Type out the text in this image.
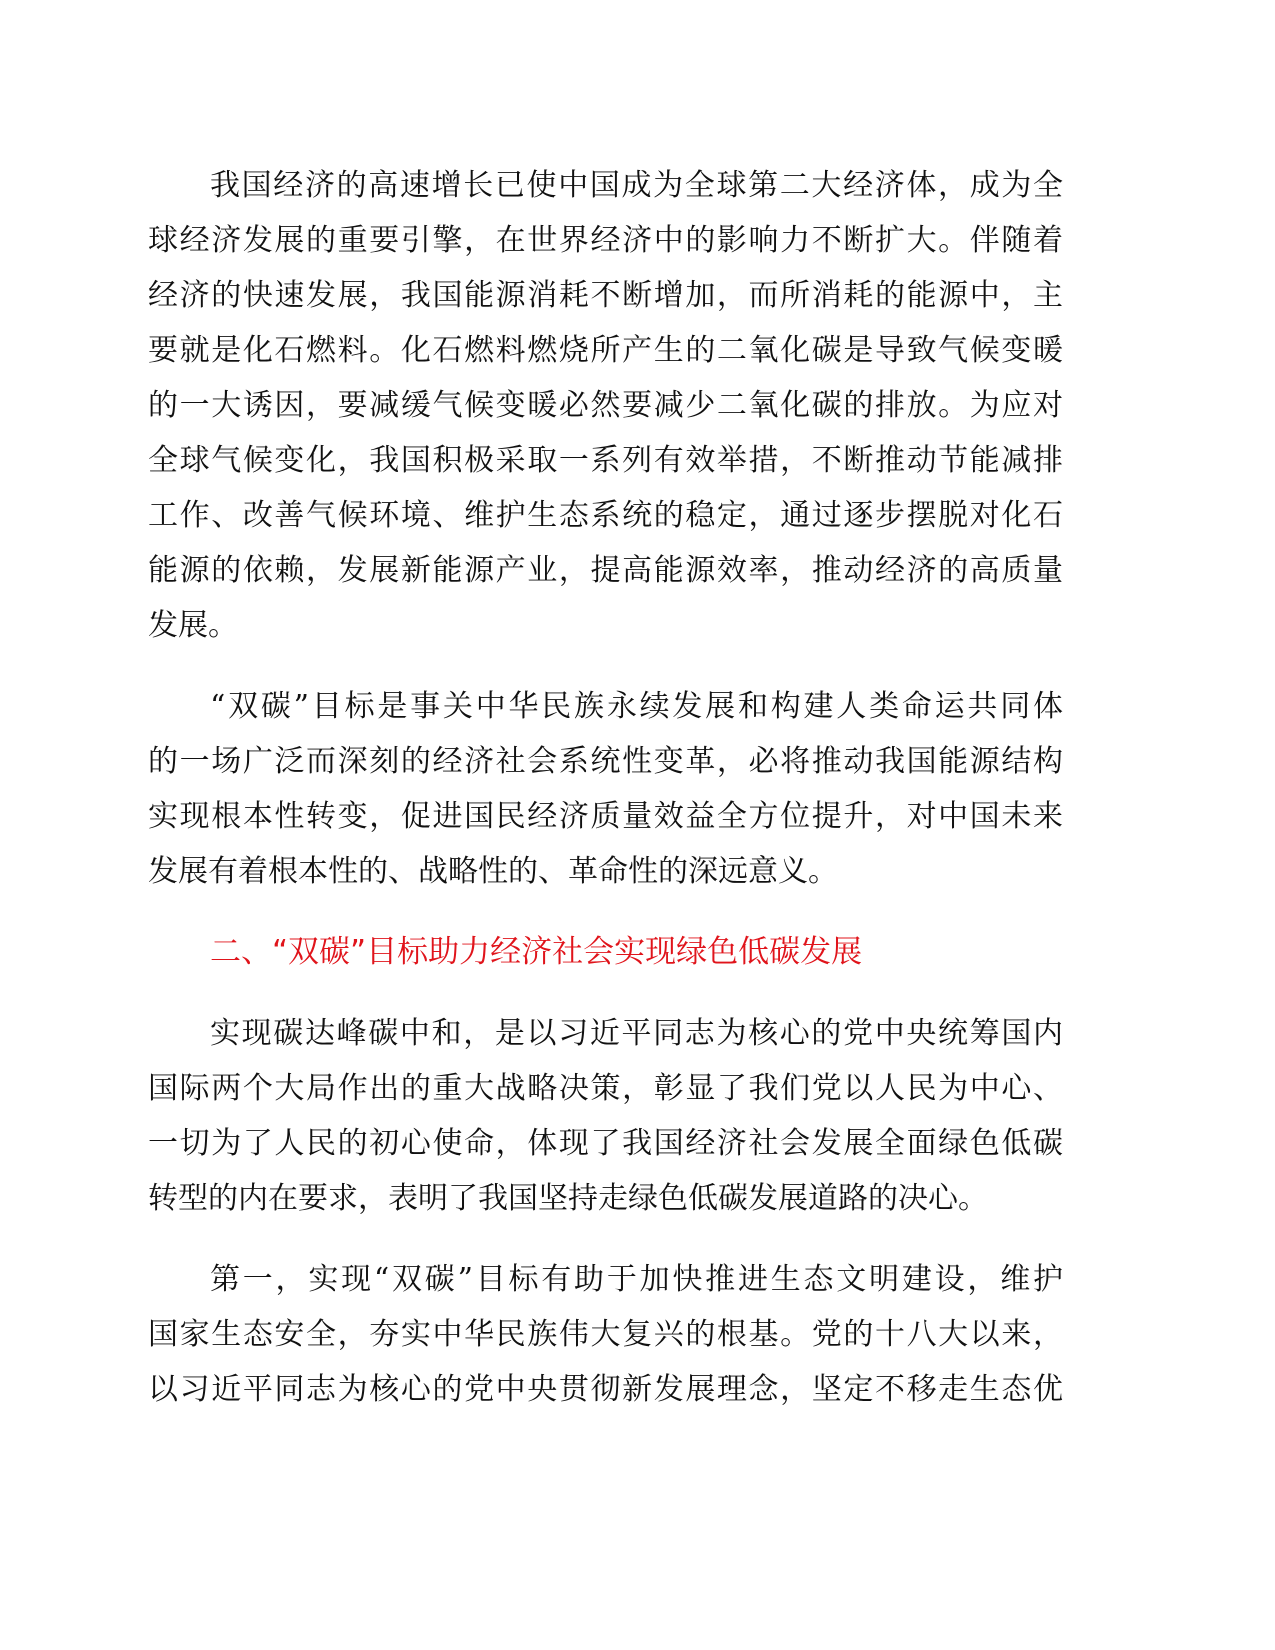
我国经济的高速增长已使中国成为全球第二大经济体，成为全
球经济发展的重要引擎，在世界经济中的影响力不断扩大。伴随着
经济的快速发展，我国能源消耗不断增加，而所消耗的能源中，主
要就是化石燃料。化石燃料燃烧所产生的二氧化碳是导致气候变暖
的一大诱因，要减缓气候变暖必然要减少二氧化碳的排放。为应对
全球气候变化，我国积极采取一系列有效举措，不断推动节能减排
工作、改善气候环境、维护生态系统的稳定，通过逐步摆脱对化石
能源的依赖，发展新能源产业，提高能源效率，推动经济的高质量
发展。
“双碳”目标是事关中华民族永续发展和构建人类命运共同体
的一场广泛而深刻的经济社会系统性变革，必将推动我国能源结构
实现根本性转变，促进国民经济质量效益全方位提升，对中国未来
发展有着根本性的、战略性的、革命性的深远意义。
二、“双碳”目标助力经济社会实现绿色低碳发展
实现碳达峰碳中和，是以习近平同志为核心的党中央统筹国内
国际两个大局作出的重大战略决策，彰显了我们党以人民为中心、
一切为了人民的初心使命，体现了我国经济社会发展全面绿色低碳
转型的内在要求，表明了我国坚持走绿色低碳发展道路的决心。
第一，实现“双碳”目标有助于加快推进生态文明建设，维护
国家生态安全，夯实中华民族伟大复兴的根基。党的十八大以来，
以习近平同志为核心的党中央贯彻新发展理念，坚定不移走生态优
